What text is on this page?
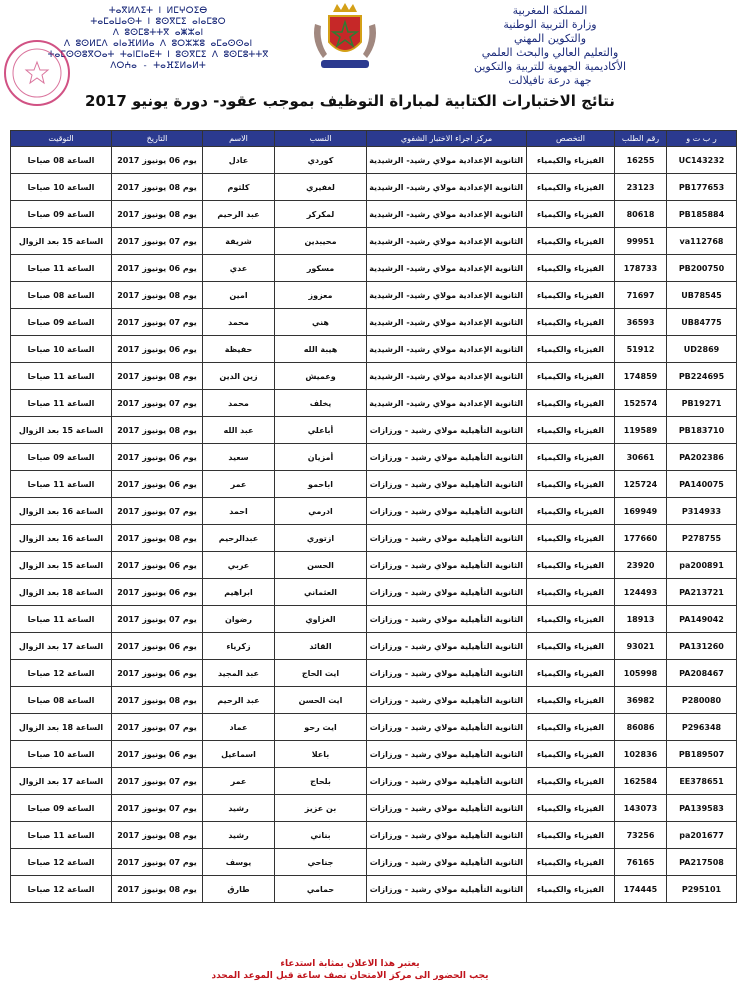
ⵜⴰⴳⵍⴷⵉⵜ ⵏ ⵍⵎⵖⵔⵉⴱ
ⵜⴰⵎⴰⵡⴰⵙⵜ ⵏ ⵓⵙⴳⵎⵉ ⴰⵏⴰⵎⵓⵔ
ⴷ ⵓⵙⵎⵓⵜⵜⴳ ⴰⵥⵣⴰⵏ
ⴷ ⵓⵙⵍⵎⴷ ⴰⵏⴰⴼⵍⵍⴰ ⴷ ⵓⵔⵣⵣⵓ ⴰⵎⴰⵙⵙⴰⵏ
ⵜⴰⵎⵙⵙⵓⴳⵔⴰⵜ ⵜⴰⵏⵎⵏⴰⴹⵜ ⵏ ⵓⵙⴳⵎⵉ ⴷ ⵓⵙⵎⵓⵜⵜⴳ
ⴷⵔⵄⴰ - ⵜⴰⴼⵉⵍⴰⵍⵜ
المملكة المغربية
وزارة التربية الوطنية
والتكوين المهني
والتعليم العالي والبحث العلمي
الأكاديمية الجهوية للتربية والتكوين
جهة درعة تافيلالت
نتائج الاختبارات الكتابية لمباراة التوظيف بموجب عقود- دورة يونيو 2017
ر ب ت و	رقم الطلب	التخصص	مركز اجراء الاختبار الشفوي	النسب	الاسم	التاريخ	التوقيت
UC143232	16255	الفيزياء والكيمياء	الثانوية الإعدادية مولاي رشيد- الرشيدية	كوردي	عادل	يوم 06 يونيوز 2017	الساعة 08 صباحا
PB177653	23123	الفيزياء والكيمياء	الثانوية الإعدادية مولاي رشيد- الرشيدية	لغفيري	كلثوم	يوم 08 يونيوز 2017	الساعة 10 صباحا
PB185884	80618	الفيزياء والكيمياء	الثانوية الإعدادية مولاي رشيد- الرشيدية	لمكركر	عبد الرحيم	يوم 08 يونيوز 2017	الساعة 09 صباحا
va112768	99951	الفيزياء والكيمياء	الثانوية الإعدادية مولاي رشيد- الرشيدية	محيبدين	شريفة	يوم 07 يونيوز 2017	الساعة 15 بعد الزوال
PB200750	178733	الفيزياء والكيمياء	الثانوية الإعدادية مولاي رشيد- الرشيدية	مسكور	عدي	يوم 06 يونيوز 2017	الساعة 11 صباحا
UB78545	71697	الفيزياء والكيمياء	الثانوية الإعدادية مولاي رشيد- الرشيدية	معزوز	امين	يوم 08 يونيوز 2017	الساعة 08 صباحا
UB84775	36593	الفيزياء والكيمياء	الثانوية الإعدادية مولاي رشيد- الرشيدية	هني	محمد	يوم 07 يونيوز 2017	الساعة 09 صباحا
UD2869	51912	الفيزياء والكيمياء	الثانوية الإعدادية مولاي رشيد- الرشيدية	هيبة الله	حفيظة	يوم 06 يونيوز 2017	الساعة 10 صباحا
PB224695	174859	الفيزياء والكيمياء	الثانوية الإعدادية مولاي رشيد- الرشيدية	وعميش	زين الدين	يوم 08 يونيوز 2017	الساعة 11 صباحا
PB19271	152574	الفيزياء والكيمياء	الثانوية الإعدادية مولاي رشيد- الرشيدية	يخلف	محمد	يوم 07 يونيوز 2017	الساعة 11 صباحا
PB183710	119589	الفيزياء والكيمياء	الثانوية التأهيلية مولاي رشيد - ورزازات	أباعلي	عبد الله	يوم 08 يونيوز 2017	الساعة 15 بعد الزوال
PA202386	30661	الفيزياء والكيمياء	الثانوية التأهيلية مولاي رشيد - ورزازات	أمزيان	سعيد	يوم 06 يونيوز 2017	الساعة 09 صباحا
PA140075	125724	الفيزياء والكيمياء	الثانوية التأهيلية مولاي رشيد - ورزازات	اباحمو	عمر	يوم 06 يونيوز 2017	الساعة 11 صباحا
P314933	169949	الفيزياء والكيمياء	الثانوية التأهيلية مولاي رشيد - ورزازات	ادرمي	احمد	يوم 07 يونيوز 2017	الساعة 16 بعد الزوال
P278755	177660	الفيزياء والكيمياء	الثانوية التأهيلية مولاي رشيد - ورزازات	ازتوري	عبدالرحيم	يوم 08 يونيوز 2017	الساعة 16 بعد الزوال
pa200891	23920	الفيزياء والكيمياء	الثانوية التأهيلية مولاي رشيد - ورزازات	الحسن	عربي	يوم 06 يونيوز 2017	الساعة 15 بعد الزوال
PA213721	124493	الفيزياء والكيمياء	الثانوية التأهيلية مولاي رشيد - ورزازات	العثماني	ابراهيم	يوم 06 يونيوز 2017	الساعة 18 بعد الزوال
PA149042	18913	الفيزياء والكيمياء	الثانوية التأهيلية مولاي رشيد - ورزازات	الغزاوي	رضوان	يوم 07 يونيوز 2017	الساعة 11 صباحا
PA131260	93021	الفيزياء والكيمياء	الثانوية التأهيلية مولاي رشيد - ورزازات	القائد	زكرياء	يوم 06 يونيوز 2017	الساعة 17 بعد الزوال
PA208467	105998	الفيزياء والكيمياء	الثانوية التأهيلية مولاي رشيد - ورزازات	ايت الحاج	عبد المجيد	يوم 06 يونيوز 2017	الساعة 12 صباحا
P280080	36982	الفيزياء والكيمياء	الثانوية التأهيلية مولاي رشيد - ورزازات	ايت الحسن	عبد الرحيم	يوم 08 يونيوز 2017	الساعة 08 صباحا
P296348	86086	الفيزياء والكيمياء	الثانوية التأهيلية مولاي رشيد - ورزازات	ايت رحو	عماد	يوم 07 يونيوز 2017	الساعة 18 بعد الزوال
PB189507	102836	الفيزياء والكيمياء	الثانوية التأهيلية مولاي رشيد - ورزازات	باعلا	اسماعيل	يوم 06 يونيوز 2017	الساعة 10 صباحا
EE378651	162584	الفيزياء والكيمياء	الثانوية التأهيلية مولاي رشيد - ورزازات	بلحاج	عمر	يوم 07 يونيوز 2017	الساعة 17 بعد الزوال
PA139583	143073	الفيزياء والكيمياء	الثانوية التأهيلية مولاي رشيد - ورزازات	بن عزيز	رشيد	يوم 07 يونيوز 2017	الساعة 09 صباحا
pa201677	73256	الفيزياء والكيمياء	الثانوية التأهيلية مولاي رشيد - ورزازات	بناني	رشيد	يوم 08 يونيوز 2017	الساعة 11 صباحا
PA217508	76165	الفيزياء والكيمياء	الثانوية التأهيلية مولاي رشيد - ورزازات	جناحي	يوسف	يوم 07 يونيوز 2017	الساعة 12 صباحا
P295101	174445	الفيزياء والكيمياء	الثانوية التأهيلية مولاي رشيد - ورزازات	حمامي	طارق	يوم 08 يونيوز 2017	الساعة 12 صباحا
يعتبر هذا الاعلان بمثابة استدعاء
يجب الحضور الى مركز الامتحان نصف ساعة قبل الموعد المحدد
